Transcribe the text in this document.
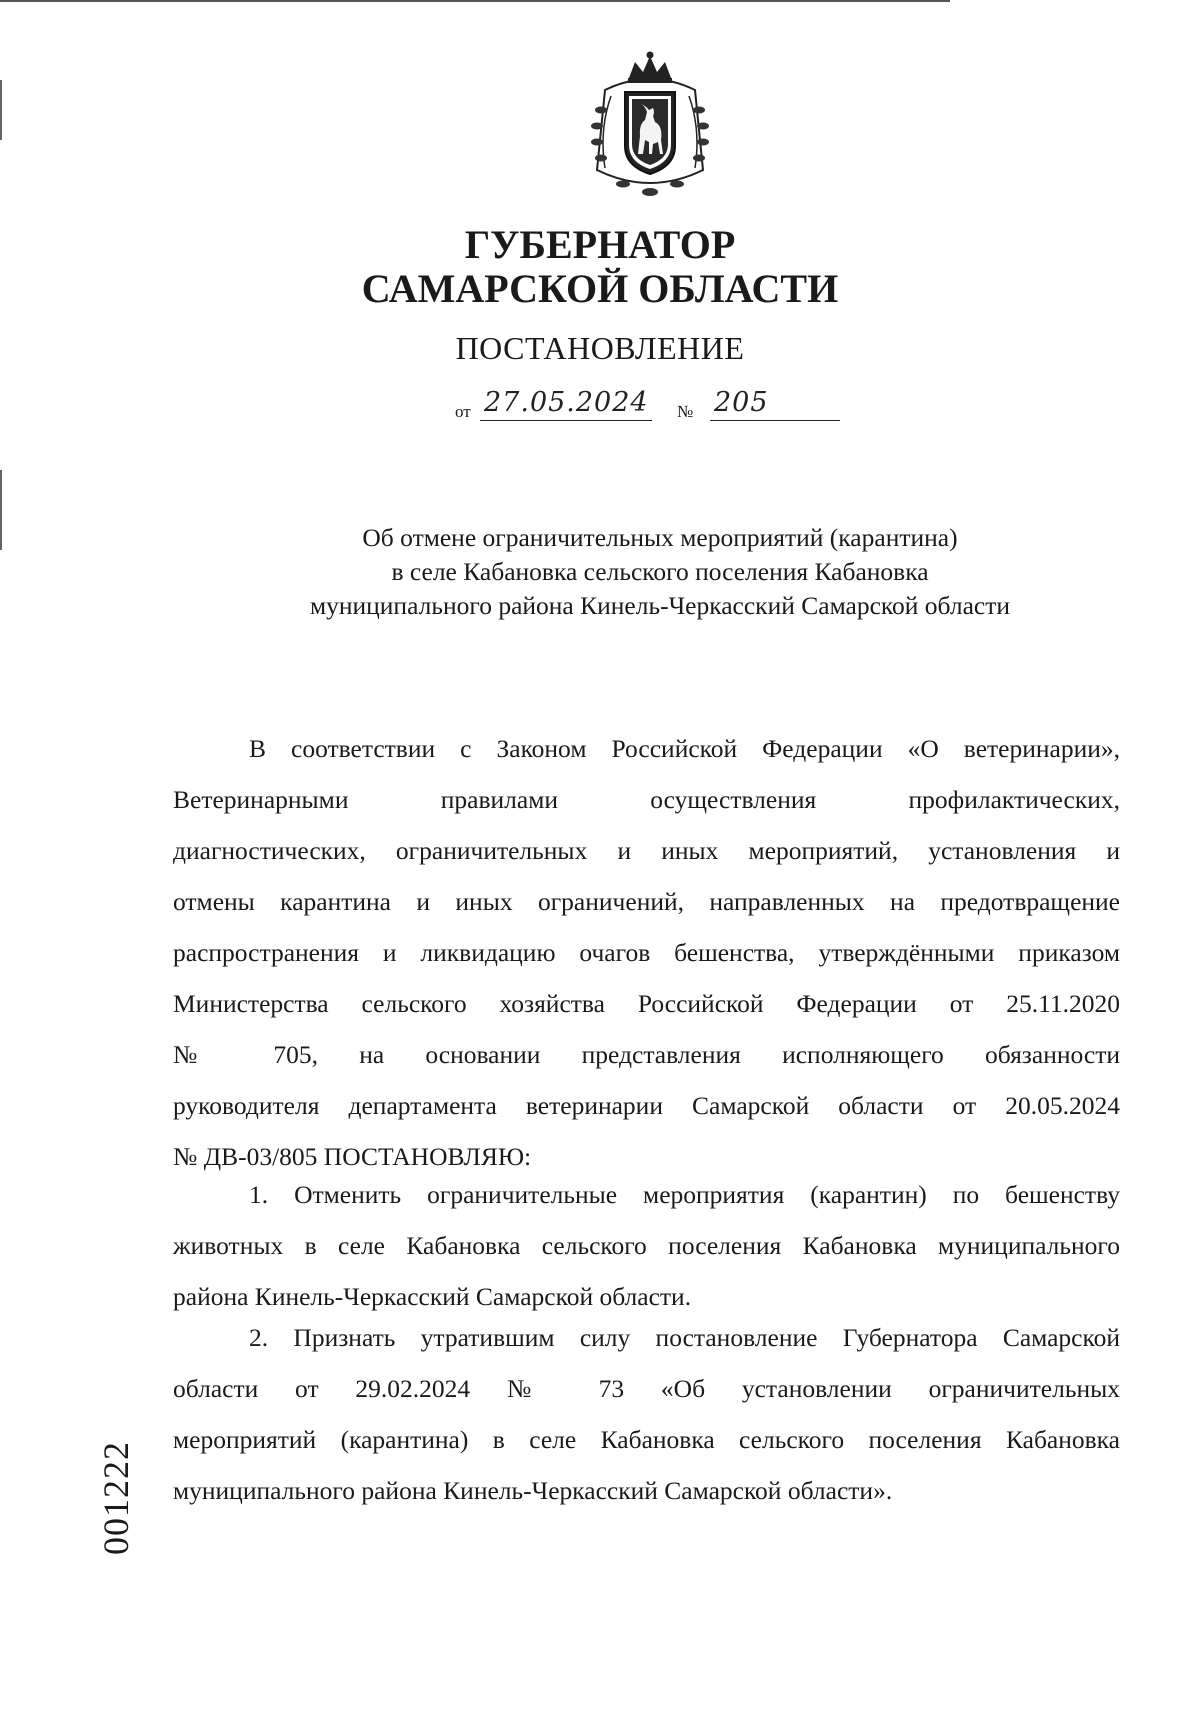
ГУБЕРНАТОР
САМАРСКОЙ ОБЛАСТИ
ПОСТАНОВЛЕНИЕ
от 27.05.2024 № 205
Об отмене ограничительных мероприятий (карантина)
в селе Кабановка сельского поселения Кабановка
муниципального района Кинель-Черкасский Самарской области
В соответствии с Законом Российской Федерации «О ветеринарии»,
Ветеринарными правилами осуществления профилактических,
диагностических, ограничительных и иных мероприятий, установления и
отмены карантина и иных ограничений, направленных на предотвращение
распространения и ликвидацию очагов бешенства, утверждёнными приказом
Министерства сельского хозяйства Российской Федерации от 25.11.2020
№ 705, на основании представления исполняющего обязанности
руководителя департамента ветеринарии Самарской области от 20.05.2024
№ ДВ-03/805 ПОСТАНОВЛЯЮ:
1. Отменить ограничительные мероприятия (карантин) по бешенству
животных в селе Кабановка сельского поселения Кабановка муниципального
района Кинель-Черкасский Самарской области.
2. Признать утратившим силу постановление Губернатора Самарской
области от 29.02.2024 № 73 «Об установлении ограничительных
мероприятий (карантина) в селе Кабановка сельского поселения Кабановка
муниципального района Кинель-Черкасский Самарской области».
001222
